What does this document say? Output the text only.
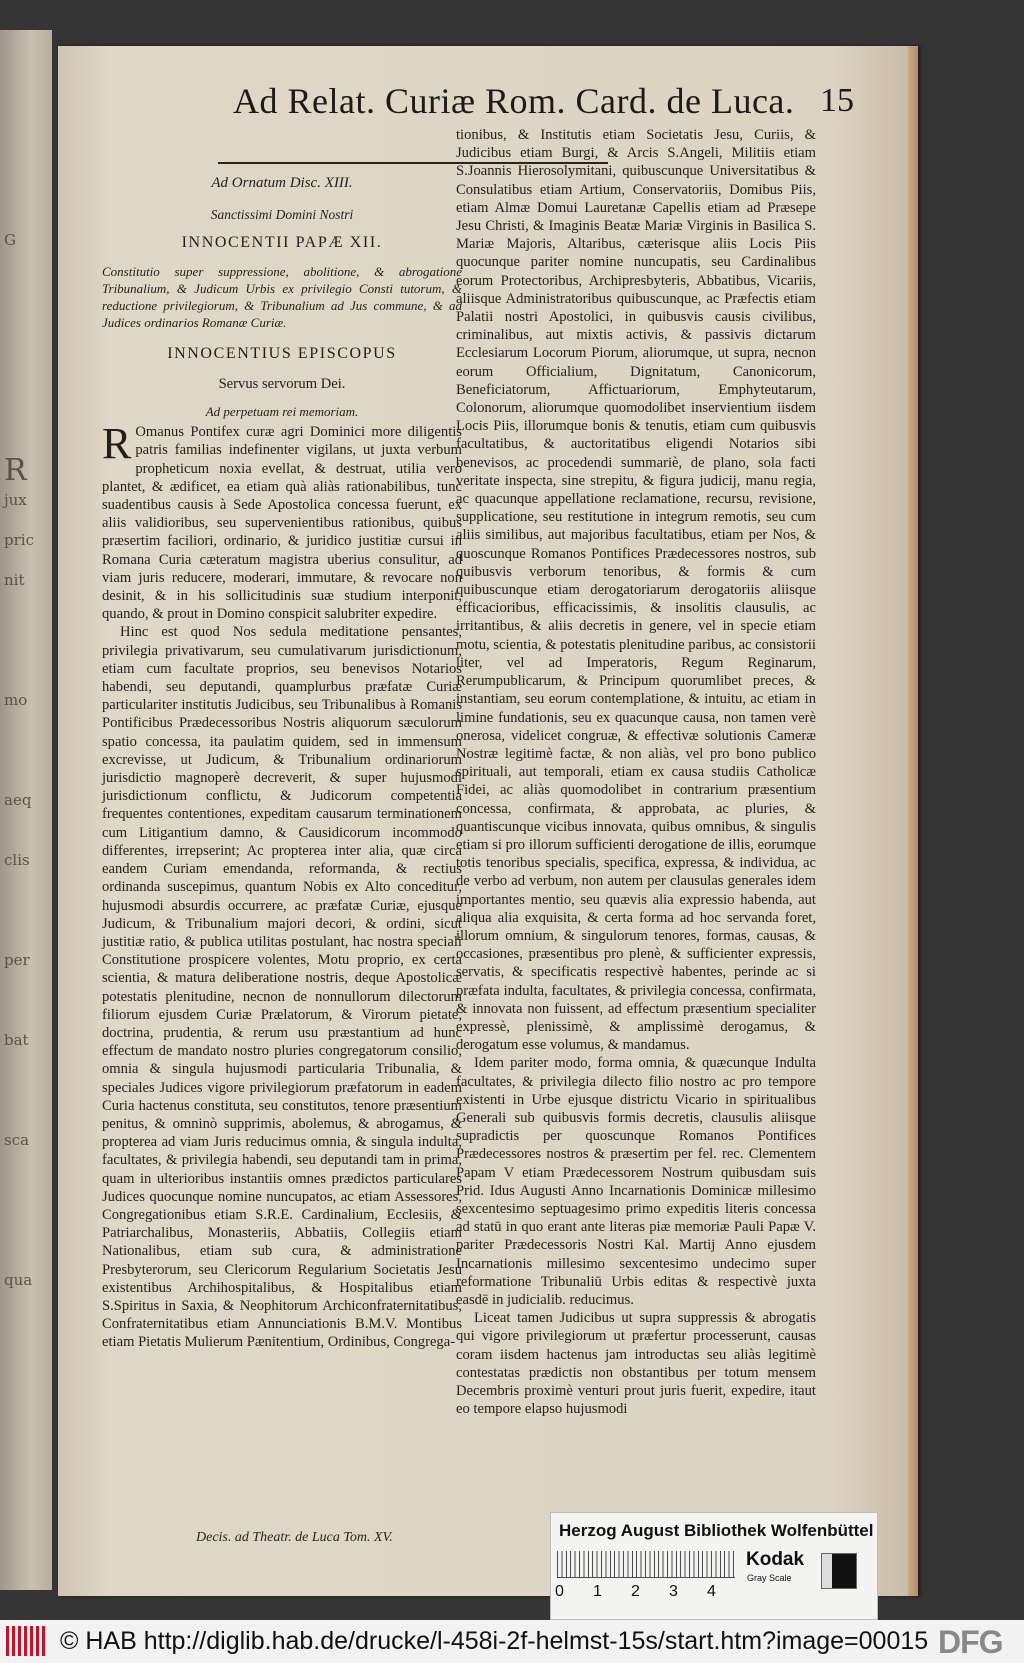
G
R
jux
pric
nit
mo
aeq
clis
per
bat
sca
qua
Ad Relat. Curiæ Rom. Card. de Luca. 15

Ad Ornatum Disc. XIII.

Sanctissimi Domini Nostri

INNOCENTII PAPÆ XII.

Constitutio super suppressione, abolitione, & abrogatione Tribunalium, & Judicum Urbis ex privilegio Consti tutorum, & reductione privilegiorum, & Tribunalium ad Jus commune, & ad Judices ordinarios Romanæ Curiæ.

INNOCENTIUS EPISCOPUS

Servus servorum Dei.

Ad perpetuam rei memoriam.

R Omanus Pontifex curæ agri Dominici more diligentis patris familias indefinenter vigilans, ut juxta verbum propheticum noxia evellat, & destruat, utilia verò plantet, & ædificet, ea etiam quà aliàs rationabilibus, tunc suadentibus causis à Sede Apostolica concessa fuerunt, ex aliis validioribus, seu supervenientibus rationibus, quibus præsertim faciliori, ordinario, & juridico justitiæ cursui in Romana Curia cæteratum magistra uberius consulitur, ad viam juris reducere, moderari, immutare, & revocare non desinit, & in his sollicitudinis suæ studium interponit, quando, & prout in Domino conspicit salubriter expedire.

Hinc est quod Nos sedula meditatione pensantes, privilegia privativarum, seu cumulativarum jurisdictionum, etiam cum facultate proprios, seu benevisos Notarios habendi, seu deputandi, quamplurbus præfatæ Curiæ particulariter institutis Judicibus, seu Tribunalibus à Romanis Pontificibus Prædecessoribus Nostris aliquorum sæculorum spatio concessa, ita paulatim quidem, sed in immensum excrevisse, ut Judicum, & Tribunalium ordinariorum jurisdictio magnoperè decreverit, & super hujusmodi jurisdictionum conflictu, & Judicorum competentia frequentes contentiones, expeditam causarum terminationem cum Litigantium damno, & Causidicorum incommodo differentes, irrepserint; Ac propterea inter alia, quæ circa eandem Curiam emendanda, reformanda, & rectius ordinanda suscepimus, quantum Nobis ex Alto conceditur, hujusmodi absurdis occurrere, ac præfatæ Curiæ, ejusque Judicum, & Tribunalium majori decori, & ordini, sicut justitiæ ratio, & publica utilitas postulant, hac nostra speciali Constitutione prospicere volentes, Motu proprio, ex certa scientia, & matura deliberatione nostris, deque Apostolicæ potestatis plenitudine, necnon de nonnullorum dilectorum filiorum ejusdem Curiæ Prælatorum, & Virorum pietate, doctrina, prudentia, & rerum usu præstantium ad hunc effectum de mandato nostro pluries congregatorum consilio, omnia & singula hujusmodi particularia Tribunalia, & speciales Judices vigore privilegiorum præfatorum in eadem Curia hactenus constituta, seu constitutos, tenore præsentium penitus, & omninò supprimis, abolemus, & abrogamus, & propterea ad viam Juris reducimus omnia, & singula indulta, facultates, & privilegia habendi, seu deputandi tam in prima, quam in ulterioribus instantiis omnes prædictos particulares Judices quocunque nomine nuncupatos, ac etiam Assessores, Congregationibus etiam S.R.E. Cardinalium, Ecclesiis, & Patriarchalibus, Monasteriis, Abbatiis, Collegiis etiam Nationalibus, etiam sub cura, & administratione Presbyterorum, seu Clericorum Regularium Societatis Jesu existentibus Archihospitalibus, & Hospitalibus etiam S.Spiritus in Saxia, & Neophitorum Archiconfraternitatibus, Confraternitatibus etiam Annunciationis B.M.V. Montibus etiam Pietatis Mulierum Pænitentium, Ordinibus, Congrega-

tionibus, & Institutis etiam Societatis Jesu, Curiis, & Judicibus etiam Burgi, & Arcis S.Angeli, Militiis etiam S.Joannis Hierosolymitani, quibuscunque Universitatibus & Consulatibus etiam Artium, Conservatoriis, Domibus Piis, etiam Almæ Domui Lauretanæ Capellis etiam ad Præsepe Jesu Christi, & Imaginis Beatæ Mariæ Virginis in Basilica S. Mariæ Majoris, Altaribus, cæterisque aliis Locis Piis quocunque pariter nomine nuncupatis, seu Cardinalibus eorum Protectoribus, Archipresbyteris, Abbatibus, Vicariis, aliisque Administratoribus quibuscunque, ac Præfectis etiam Palatii nostri Apostolici, in quibusvis causis civilibus, criminalibus, aut mixtis activis, & passivis dictarum Ecclesiarum Locorum Piorum, aliorumque, ut supra, necnon eorum Officialium, Dignitatum, Canonicorum, Beneficiatorum, Affictuariorum, Emphyteutarum, Colonorum, aliorumque quomodolibet inservientium iisdem Locis Piis, illorumque bonis & tenutis, etiam cum quibusvis facultatibus, & auctoritatibus eligendi Notarios sibi benevisos, ac procedendi summariè, de plano, sola facti veritate inspecta, sine strepitu, & figura judicij, manu regia, ac quacunque appellatione reclamatione, recursu, revisione, supplicatione, seu restitutione in integrum remotis, seu cum aliis similibus, aut majoribus facultatibus, etiam per Nos, & quoscunque Romanos Pontifices Prædecessores nostros, sub quibusvis verborum tenoribus, & formis & cum quibuscunque etiam derogatoriarum derogatoriis aliisque efficacioribus, efficacissimis, & insolitis clausulis, ac irritantibus, & aliis decretis in genere, vel in specie etiam motu, scientia, & potestatis plenitudine paribus, ac consistorii liter, vel ad Imperatoris, Regum Reginarum, Rerumpublicarum, & Principum quorumlibet preces, & instantiam, seu eorum contemplatione, & intuitu, ac etiam in limine fundationis, seu ex quacunque causa, non tamen verè onerosa, videlicet congruæ, & effectivæ solutionis Cameræ Nostræ legitimè factæ, & non aliàs, vel pro bono publico spirituali, aut temporali, etiam ex causa studiis Catholicæ Fidei, ac aliàs quomodolibet in contrarium præsentium concessa, confirmata, & approbata, ac pluries, & quantiscunque vicibus innovata, quibus omnibus, & singulis etiam si pro illorum sufficienti derogatione de illis, eorumque totis tenoribus specialis, specifica, expressa, & individua, ac de verbo ad verbum, non autem per clausulas generales idem importantes mentio, seu quævis alia expressio habenda, aut aliqua alia exquisita, & certa forma ad hoc servanda foret, illorum omnium, & singulorum tenores, formas, causas, & occasiones, præsentibus pro plenè, & sufficienter expressis, servatis, & specificatis respectivè habentes, perinde ac si præfata indulta, facultates, & privilegia concessa, confirmata, & innovata non fuissent, ad effectum præsentium specialiter expressè, plenissimè, & amplissimè derogamus, & derogatum esse volumus, & mandamus.

Idem pariter modo, forma omnia, & quæcunque Indulta facultates, & privilegia dilecto filio nostro ac pro tempore existenti in Urbe ejusque districtu Vicario in spiritualibus Generali sub quibusvis formis decretis, clausulis aliisque supradictis per quoscunque Romanos Pontifices Prædecessores nostros & præsertim per fel. rec. Clementem Papam V etiam Prædecessorem Nostrum quibusdam suis Prid. Idus Augusti Anno Incarnationis Dominicæ millesimo sexcentesimo septuagesimo primo expeditis literis concessa ad statū in quo erant ante literas piæ memoriæ Pauli Papæ V. pariter Prædecessoris Nostri Kal. Martij Anno ejusdem Incarnationis millesimo sexcentesimo undecimo super reformatione Tribunaliū Urbis editas & respectivè juxta easdē in judicialib. reducimus.

Liceat tamen Judicibus ut supra suppressis & abrogatis qui vigore privilegiorum ut præfertur processerunt, causas coram iisdem hactenus jam introductas seu aliàs legitimè contestatas prædictis non obstantibus per totum mensem Decembris proximè venturi prout juris fuerit, expedire, itaut eo tempore elapso hujusmodi

Decis. ad Theatr. de Luca Tom. XV.	Herzog August Bibliothek Wolfenbüttel
0 1 2 3 4
Kodak
Gray Scale
© HAB http://diglib.hab.de/drucke/l-458i-2f-helmst-15s/start.htm?image=00015 DFG
